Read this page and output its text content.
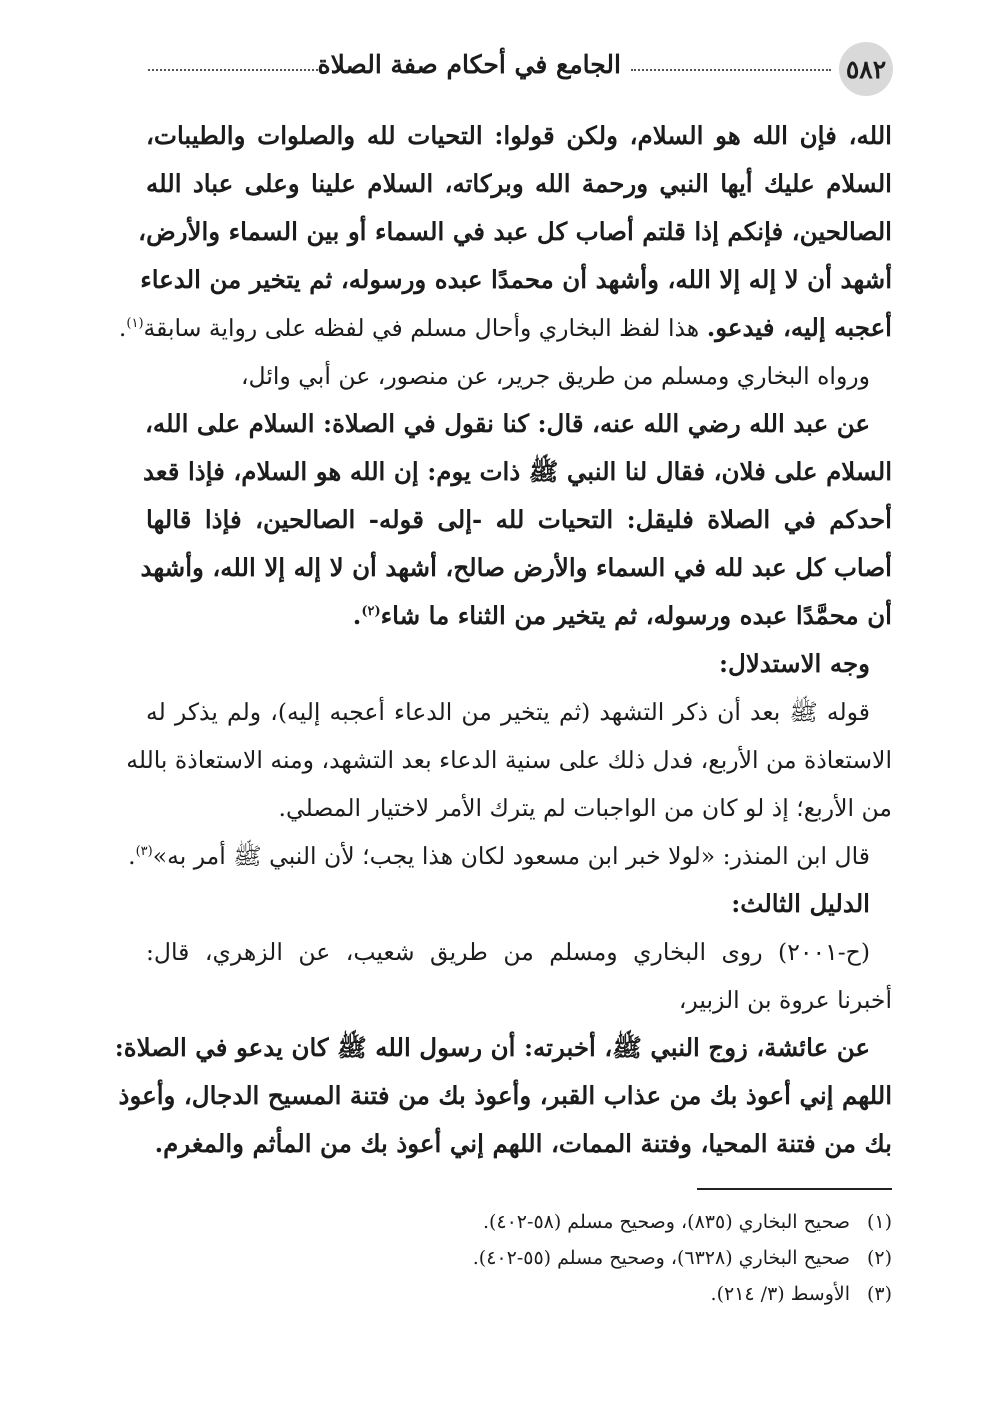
٥٨٢
الجامع في أحكام صفة الصلاة
الله، فإن الله هو السلام، ولكن قولوا: التحيات لله والصلوات والطيبات،
السلام عليك أيها النبي ورحمة الله وبركاته، السلام علينا وعلى عباد الله
الصالحين، فإنكم إذا قلتم أصاب كل عبد في السماء أو بين السماء والأرض،
أشهد أن لا إله إلا الله، وأشهد أن محمدًا عبده ورسوله، ثم يتخير من الدعاء
أعجبه إليه، فيدعو. هذا لفظ البخاري وأحال مسلم في لفظه على رواية سابقة$^{(١)}$.
ورواه البخاري ومسلم من طريق جرير، عن منصور، عن أبي وائل،
عن عبد الله رضي الله عنه، قال: كنا نقول في الصلاة: السلام على الله،
السلام على فلان، فقال لنا النبي ﷺ ذات يوم: إن الله هو السلام، فإذا قعد
أحدكم في الصلاة فليقل: التحيات لله -إلى قوله- الصالحين، فإذا قالها
أصاب كل عبد لله في السماء والأرض صالح، أشهد أن لا إله إلا الله، وأشهد
أن محمَّدًا عبده ورسوله، ثم يتخير من الثناء ما شاء$^{(٢)}$.
وجه الاستدلال:
قوله ﷺ بعد أن ذكر التشهد (ثم يتخير من الدعاء أعجبه إليه)، ولم يذكر له
الاستعاذة من الأربع، فدل ذلك على سنية الدعاء بعد التشهد، ومنه الاستعاذة بالله
من الأربع؛ إذ لو كان من الواجبات لم يترك الأمر لاختيار المصلي.
قال ابن المنذر: «لولا خبر ابن مسعود لكان هذا يجب؛ لأن النبي ﷺ أمر به»$^{(٣)}$.
الدليل الثالث:
(ح-٢٠٠١) روى البخاري ومسلم من طريق شعيب، عن الزهري، قال:
أخبرنا عروة بن الزبير،
عن عائشة، زوج النبي ﷺ، أخبرته: أن رسول الله ﷺ كان يدعو في الصلاة:
اللهم إني أعوذ بك من عذاب القبر، وأعوذ بك من فتنة المسيح الدجال، وأعوذ
بك من فتنة المحيا، وفتنة الممات، اللهم إني أعوذ بك من المأثم والمغرم.
(١)صحيح البخاري (٨٣٥)، وصحيح مسلم (٥٨-٤٠٢).
(٢)صحيح البخاري (٦٣٢٨)، وصحيح مسلم (٥٥-٤٠٢).
(٣)الأوسط (٣/ ٢١٤).
